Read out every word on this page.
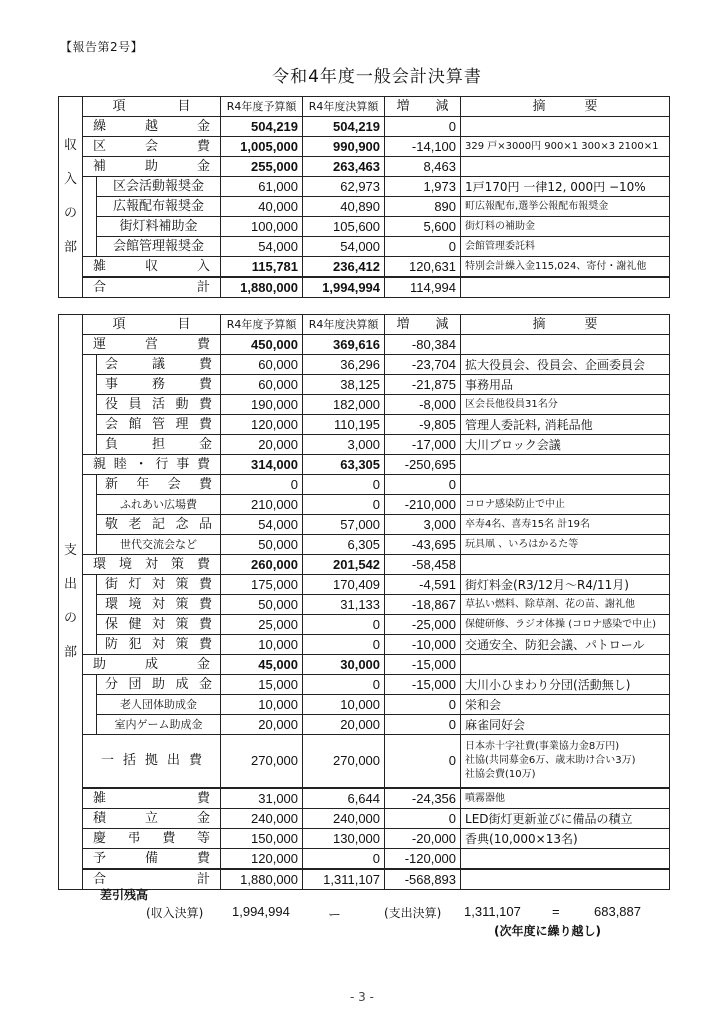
【報告第2号】
令和4年度一般会計決算書
収
入
の
部	項　　　　目		R4年度予算額	R4年度決算額	増　　減	摘　　　要
	繰越金		504,219	504,219	0	
	区会費		1,005,000	990,900	-14,100	329 戸×3000円 900×1 300×3 2100×1
	補助金		255,000	263,463	8,463	
		区会活動報奨金	61,000	62,973	1,973	1戸170円 一律12, 000円 −10%
		広報配布報奨金	40,000	40,890	890	町広報配布,選挙公報配布報奨金
		街灯料補助金	100,000	105,600	5,600	街灯料の補助金
		会館管理報奨金	54,000	54,000	0	会館管理委託料
	雑収入		115,781	236,412	120,631	特別会計繰入金115,024、寄付・謝礼他
	合　　　　計		1,880,000	1,994,994	114,994	
支
出
の
部	項　　　　目		R4年度予算額	R4年度決算額	増　　減	摘　　　要
	運営費		450,000	369,616	-80,384	
		会議費	60,000	36,296	-23,704	拡大役員会、役員会、企画委員会
		事務費	60,000	38,125	-21,875	事務用品
		役員活動費	190,000	182,000	-8,000	区会長他役員31名分
		会館管理費	120,000	110,195	-9,805	管理人委託料, 消耗品他
		負担金	20,000	3,000	-17,000	大川ブロック会議
	親睦・行事費		314,000	63,305	-250,695	
		新年会費	0	0	0	
		ふれあい広場費	210,000	0	-210,000	コロナ感染防止で中止
		敬老記念品	54,000	57,000	3,000	卒寿4名、喜寿15名 計19名
		世代交流会など	50,000	6,305	-43,695	玩具凧 、いろはかるた等
	環境対策費		260,000	201,542	-58,458	
		街灯対策費	175,000	170,409	-4,591	街灯料金(R3/12月～R4/11月)
		環境対策費	50,000	31,133	-18,867	草払い燃料、除草剤、花の苗、謝礼他
		保健対策費	25,000	0	-25,000	保健研修、ラジオ体操 (コロナ感染で中止)
		防犯対策費	10,000	0	-10,000	交通安全、防犯会議、パトロール
	助成金		45,000	30,000	-15,000	
		分団助成金	15,000	0	-15,000	大川小ひまわり分団(活動無し)
		老人団体助成金	10,000	10,000	0	栄和会
		室内ゲーム助成金	20,000	20,000	0	麻雀同好会
	一括拠出費		270,000	270,000	0	日本赤十字社費(事業協力金8万円)
社協(共同募金6万、歳末助け合い3万)
社協会費(10万)

	雑費		31,000	6,644	-24,356	噴霧器他
	積立金		240,000	240,000	0	LED街灯更新並びに備品の積立
	慶弔費等		150,000	130,000	-20,000	香典(10,000×13名)
	予備費		120,000	0	-120,000	
	合　　　　計		1,880,000	1,311,107	-568,893	
差引残高
(収入決算) 1,994,994	ー	(支出決算) 1,311,107 =	683,887
(次年度に繰り越し)
- 3 -
